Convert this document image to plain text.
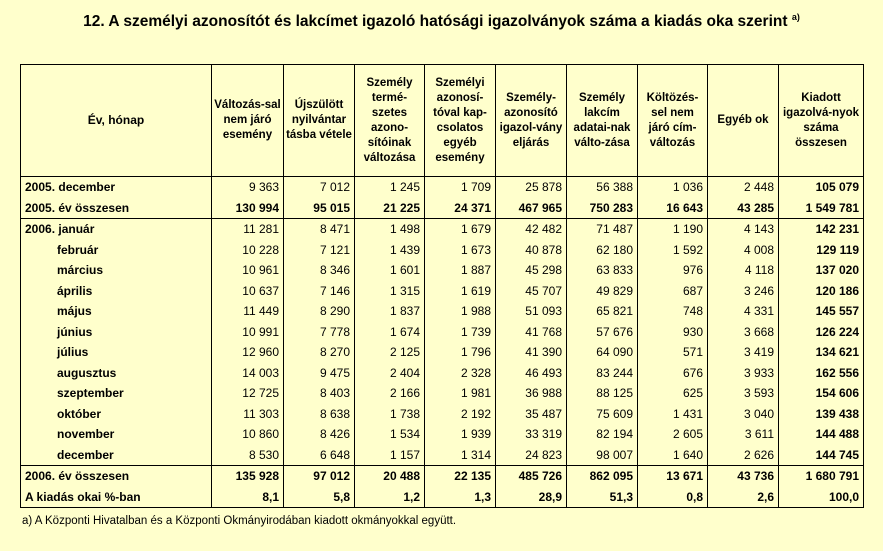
12. A személyi azonosítót és lakcímet igazoló hatósági igazolványok száma a kiadás oka szerint $^{a)}$
Év, hónap	Változás-sal nem járó esemény	Újszülött nyilvántar tásba vétele	Személy termé-szetes azono-sítóinak változása	Személyi azonosí-tóval kap-csolatos egyéb esemény	Személy-azonosító igazol-vány eljárás	Személy lakcím adatai-nak válto-zása	Költözés-sel nem járó cím-változás	Egyéb ok	Kiadott igazolvá-nyok száma összesen
2005. december	9 363	7 012	1 245	1 709	25 878	56 388	1 036	2 448	105 079
2005. év összesen	130 994	95 015	21 225	24 371	467 965	750 283	16 643	43 285	1 549 781
2006. január	11 281	8 471	1 498	1 679	42 482	71 487	1 190	4 143	142 231
február	10 228	7 121	1 439	1 673	40 878	62 180	1 592	4 008	129 119
március	10 961	8 346	1 601	1 887	45 298	63 833	976	4 118	137 020
április	10 637	7 146	1 315	1 619	45 707	49 829	687	3 246	120 186
május	11 449	8 290	1 837	1 988	51 093	65 821	748	4 331	145 557
június	10 991	7 778	1 674	1 739	41 768	57 676	930	3 668	126 224
július	12 960	8 270	2 125	1 796	41 390	64 090	571	3 419	134 621
augusztus	14 003	9 475	2 404	2 328	46 493	83 244	676	3 933	162 556
szeptember	12 725	8 403	2 166	1 981	36 988	88 125	625	3 593	154 606
október	11 303	8 638	1 738	2 192	35 487	75 609	1 431	3 040	139 438
november	10 860	8 426	1 534	1 939	33 319	82 194	2 605	3 611	144 488
december	8 530	6 648	1 157	1 314	24 823	98 007	1 640	2 626	144 745
2006. év összesen	135 928	97 012	20 488	22 135	485 726	862 095	13 671	43 736	1 680 791
A kiadás okai %-ban	8,1	5,8	1,2	1,3	28,9	51,3	0,8	2,6	100,0
a) A Központi Hivatalban és a Központi Okmányirodában kiadott okmányokkal együtt.
